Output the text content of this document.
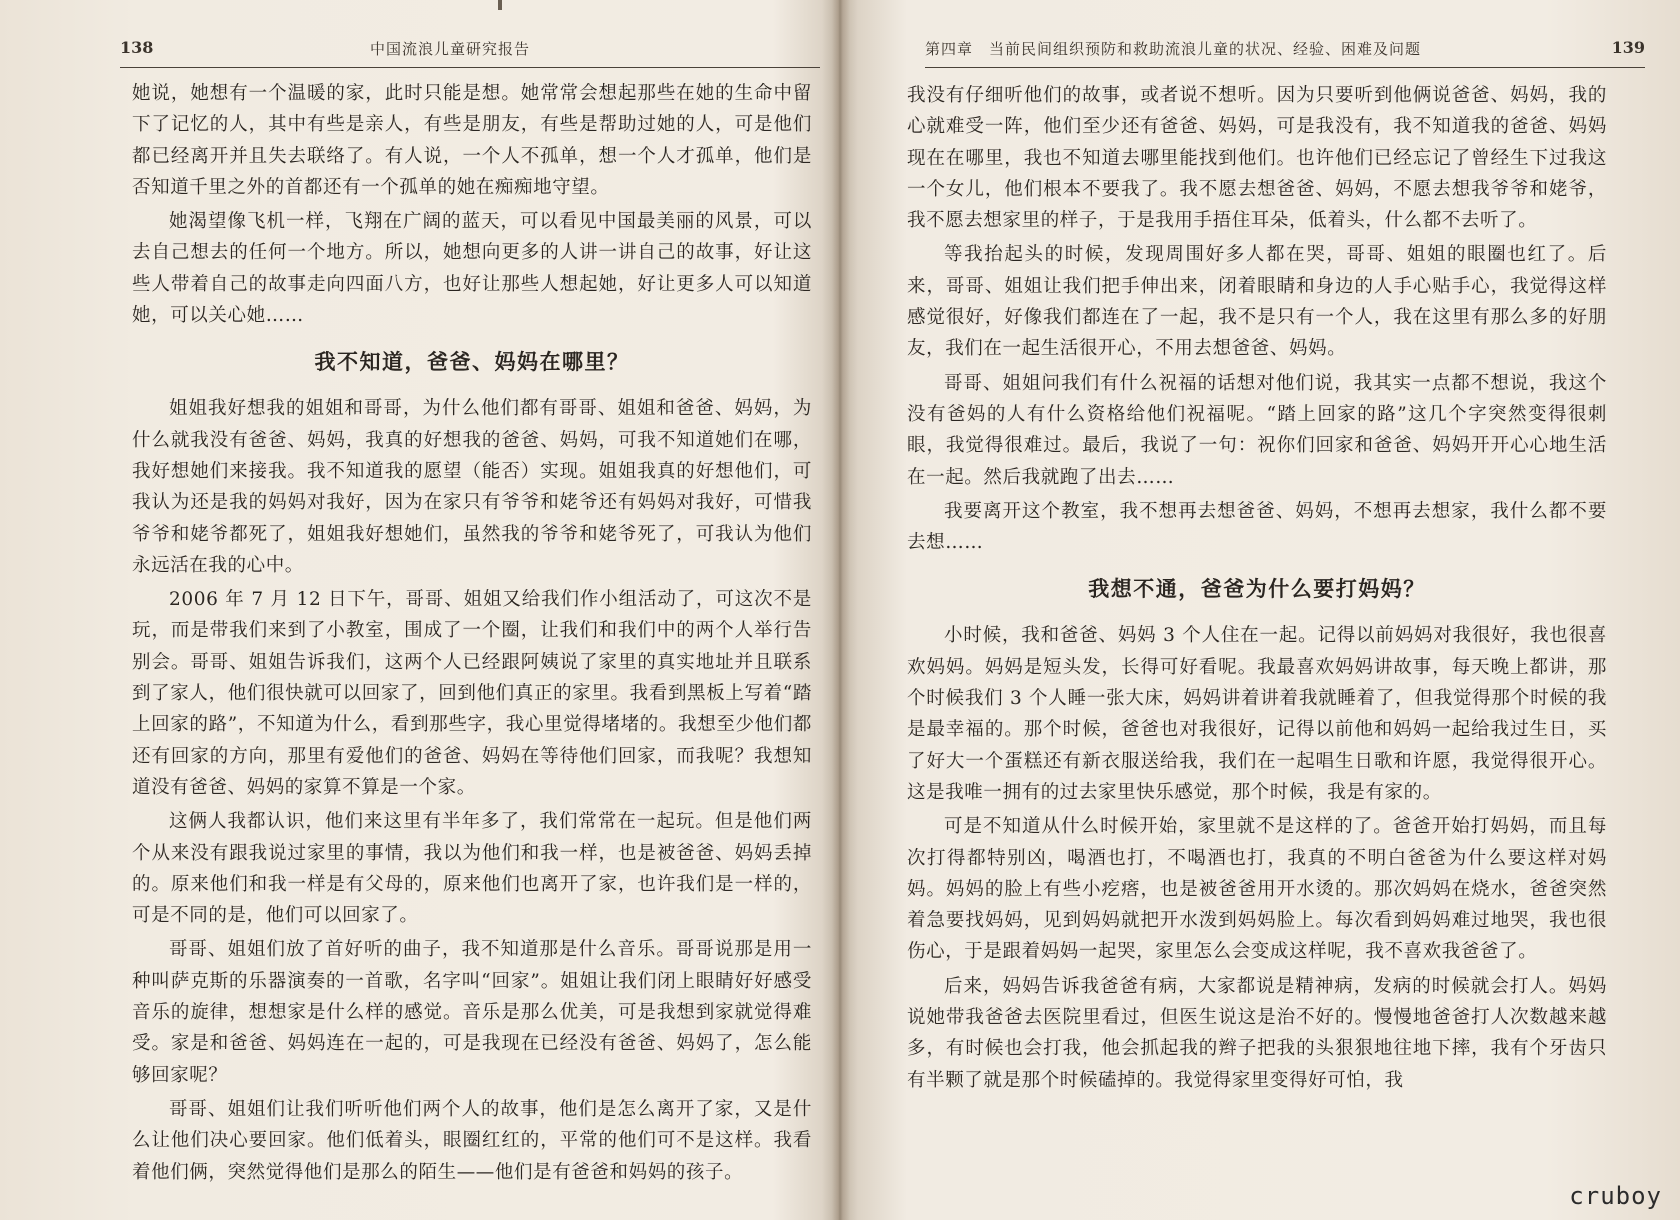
138	中国流浪儿童研究报告

她说，她想有一个温暖的家，此时只能是想。她常常会想起那些在她的生命中留下了记忆的人，其中有些是亲人，有些是朋友，有些是帮助过她的人，可是他们都已经离开并且失去联络了。有人说，一个人不孤单，想一个人才孤单，他们是否知道千里之外的首都还有一个孤单的她在痴痴地守望。

她渴望像飞机一样，飞翔在广阔的蓝天，可以看见中国最美丽的风景，可以去自己想去的任何一个地方。所以，她想向更多的人讲一讲自己的故事，好让这些人带着自己的故事走向四面八方，也好让那些人想起她，好让更多人可以知道她，可以关心她……

我不知道，爸爸、妈妈在哪里？

姐姐我好想我的姐姐和哥哥，为什么他们都有哥哥、姐姐和爸爸、妈妈，为什么就我没有爸爸、妈妈，我真的好想我的爸爸、妈妈，可我不知道她们在哪，我好想她们来接我。我不知道我的愿望（能否）实现。姐姐我真的好想他们，可我认为还是我的妈妈对我好，因为在家只有爷爷和姥爷还有妈妈对我好，可惜我爷爷和姥爷都死了，姐姐我好想她们，虽然我的爷爷和姥爷死了，可我认为他们永远活在我的心中。

2006 年 7 月 12 日下午，哥哥、姐姐又给我们作小组活动了，可这次不是玩，而是带我们来到了小教室，围成了一个圈，让我们和我们中的两个人举行告别会。哥哥、姐姐告诉我们，这两个人已经跟阿姨说了家里的真实地址并且联系到了家人，他们很快就可以回家了，回到他们真正的家里。我看到黑板上写着“踏上回家的路”，不知道为什么，看到那些字，我心里觉得堵堵的。我想至少他们都还有回家的方向，那里有爱他们的爸爸、妈妈在等待他们回家，而我呢？我想知道没有爸爸、妈妈的家算不算是一个家。

这俩人我都认识，他们来这里有半年多了，我们常常在一起玩。但是他们两个从来没有跟我说过家里的事情，我以为他们和我一样，也是被爸爸、妈妈丢掉的。原来他们和我一样是有父母的，原来他们也离开了家，也许我们是一样的，可是不同的是，他们可以回家了。

哥哥、姐姐们放了首好听的曲子，我不知道那是什么音乐。哥哥说那是用一种叫萨克斯的乐器演奏的一首歌，名字叫“回家”。姐姐让我们闭上眼睛好好感受音乐的旋律，想想家是什么样的感觉。音乐是那么优美，可是我想到家就觉得难受。家是和爸爸、妈妈连在一起的，可是我现在已经没有爸爸、妈妈了，怎么能够回家呢？

哥哥、姐姐们让我们听听他们两个人的故事，他们是怎么离开了家，又是什么让他们决心要回家。他们低着头，眼圈红红的，平常的他们可不是这样。我看着他们俩，突然觉得他们是那么的陌生——他们是有爸爸和妈妈的孩子。

第四章　当前民间组织预防和救助流浪儿童的状况、经验、困难及问题	139

我没有仔细听他们的故事，或者说不想听。因为只要听到他俩说爸爸、妈妈，我的心就难受一阵，他们至少还有爸爸、妈妈，可是我没有，我不知道我的爸爸、妈妈现在在哪里，我也不知道去哪里能找到他们。也许他们已经忘记了曾经生下过我这一个女儿，他们根本不要我了。我不愿去想爸爸、妈妈，不愿去想我爷爷和姥爷，我不愿去想家里的样子，于是我用手捂住耳朵，低着头，什么都不去听了。

等我抬起头的时候，发现周围好多人都在哭，哥哥、姐姐的眼圈也红了。后来，哥哥、姐姐让我们把手伸出来，闭着眼睛和身边的人手心贴手心，我觉得这样感觉很好，好像我们都连在了一起，我不是只有一个人，我在这里有那么多的好朋友，我们在一起生活很开心，不用去想爸爸、妈妈。

哥哥、姐姐问我们有什么祝福的话想对他们说，我其实一点都不想说，我这个没有爸妈的人有什么资格给他们祝福呢。“踏上回家的路”这几个字突然变得很刺眼，我觉得很难过。最后，我说了一句：祝你们回家和爸爸、妈妈开开心心地生活在一起。然后我就跑了出去……

我要离开这个教室，我不想再去想爸爸、妈妈，不想再去想家，我什么都不要去想……

我想不通，爸爸为什么要打妈妈？

小时候，我和爸爸、妈妈 3 个人住在一起。记得以前妈妈对我很好，我也很喜欢妈妈。妈妈是短头发，长得可好看呢。我最喜欢妈妈讲故事，每天晚上都讲，那个时候我们 3 个人睡一张大床，妈妈讲着讲着我就睡着了，但我觉得那个时候的我是最幸福的。那个时候，爸爸也对我很好，记得以前他和妈妈一起给我过生日，买了好大一个蛋糕还有新衣服送给我，我们在一起唱生日歌和许愿，我觉得很开心。这是我唯一拥有的过去家里快乐感觉，那个时候，我是有家的。

可是不知道从什么时候开始，家里就不是这样的了。爸爸开始打妈妈，而且每次打得都特别凶，喝酒也打，不喝酒也打，我真的不明白爸爸为什么要这样对妈妈。妈妈的脸上有些小疙瘩，也是被爸爸用开水烫的。那次妈妈在烧水，爸爸突然着急要找妈妈，见到妈妈就把开水泼到妈妈脸上。每次看到妈妈难过地哭，我也很伤心，于是跟着妈妈一起哭，家里怎么会变成这样呢，我不喜欢我爸爸了。

后来，妈妈告诉我爸爸有病，大家都说是精神病，发病的时候就会打人。妈妈说她带我爸爸去医院里看过，但医生说这是治不好的。慢慢地爸爸打人次数越来越多，有时候也会打我，他会抓起我的辫子把我的头狠狠地往地下摔，我有个牙齿只有半颗了就是那个时候磕掉的。我觉得家里变得好可怕，我

cruboy
